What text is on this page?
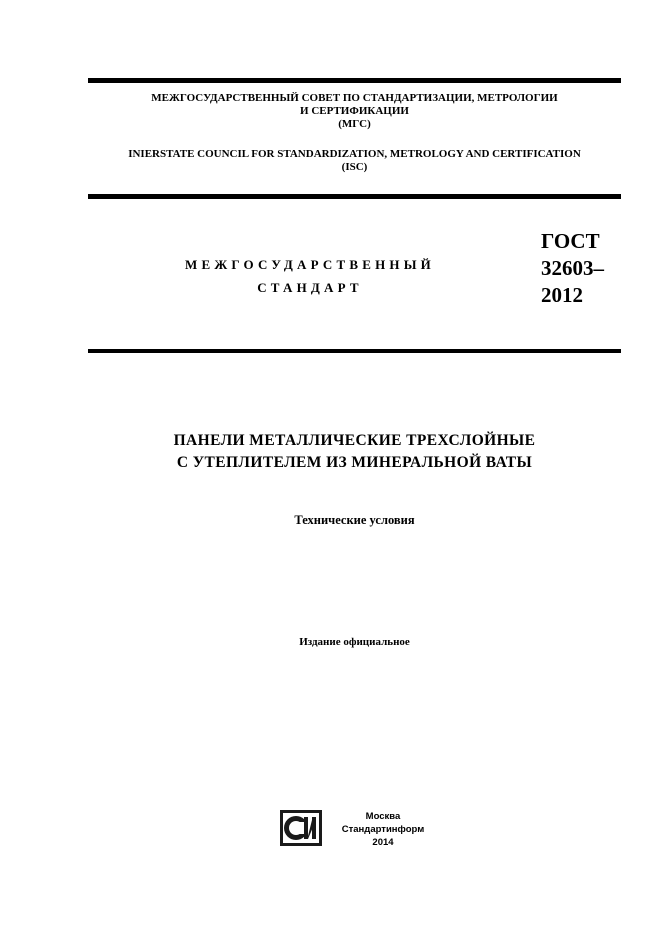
МЕЖГОСУДАРСТВЕННЫЙ СОВЕТ ПО СТАНДАРТИЗАЦИИ, МЕТРОЛОГИИ
И СЕРТИФИКАЦИИ
(МГС)
INIERSTATE COUNCIL FOR STANDARDIZATION, METROLOGY AND CERTIFICATION
(ISC)
МЕЖГОСУДАРСТВЕННЫЙ
СТАНДАРТ
ГОСТ
32603–
2012
ПАНЕЛИ МЕТАЛЛИЧЕСКИЕ ТРЕХСЛОЙНЫЕ
С УТЕПЛИТЕЛЕМ ИЗ МИНЕРАЛЬНОЙ ВАТЫ
Технические условия
Издание официальное
Москва
Стандартинформ
2014
